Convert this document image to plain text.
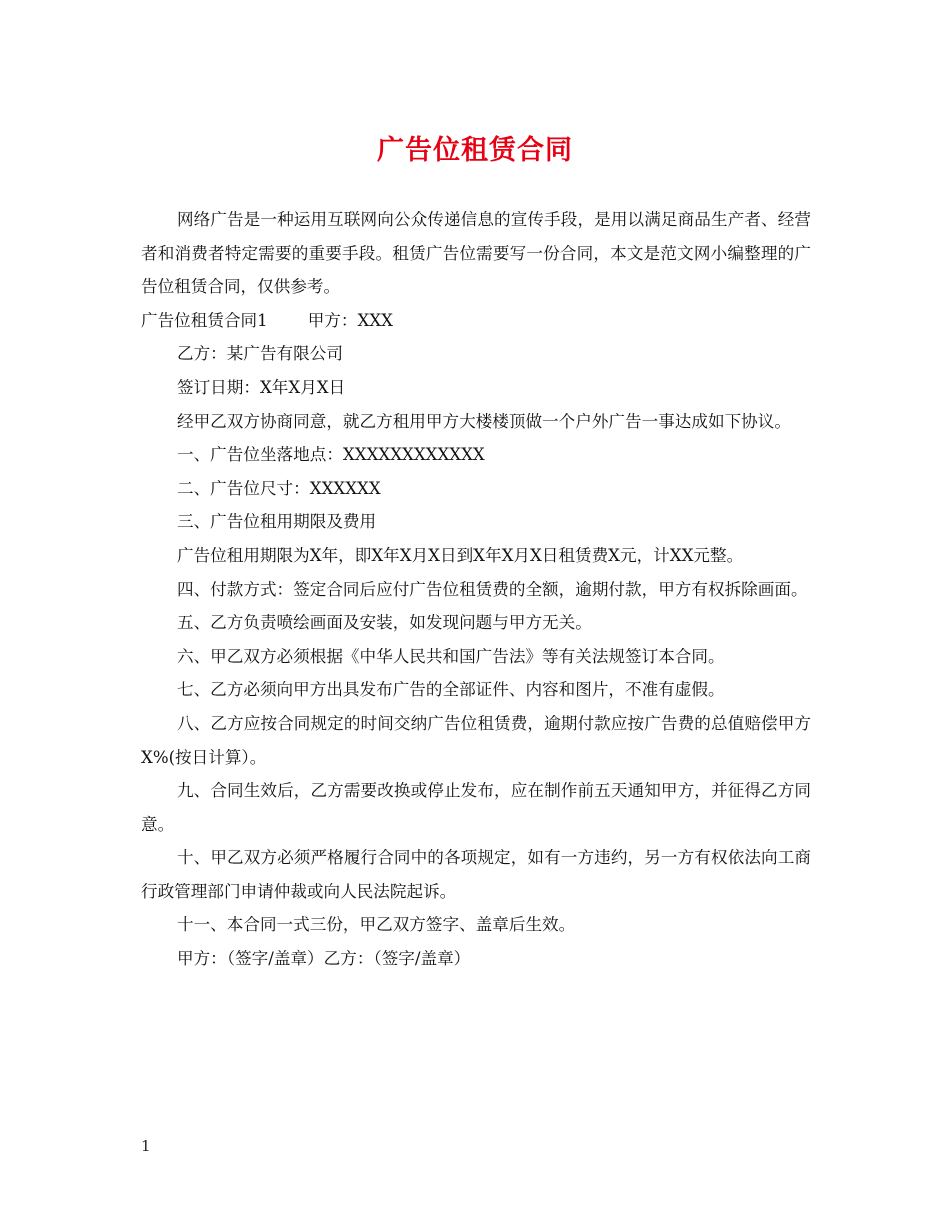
广告位租赁合同

网络广告是一种运用互联网向公众传递信息的宣传手段，是用以满足商品生产者、经营者和消费者特定需要的重要手段。租赁广告位需要写一份合同，本文是范文网小编整理的广告位租赁合同，仅供参考。

广告位租赁合同1 甲方：XXX

乙方：某广告有限公司

签订日期：X年X月X日

经甲乙双方协商同意，就乙方租用甲方大楼楼顶做一个户外广告一事达成如下协议。

一、广告位坐落地点：XXXXXXXXXXXX

二、广告位尺寸：XXXXXX

三、广告位租用期限及费用

广告位租用期限为X年，即X年X月X日到X年X月X日租赁费X元，计XX元整。

四、付款方式：签定合同后应付广告位租赁费的全额，逾期付款，甲方有权拆除画面。

五、乙方负责喷绘画面及安装，如发现问题与甲方无关。

六、甲乙双方必须根据《中华人民共和国广告法》等有关法规签订本合同。

七、乙方必须向甲方出具发布广告的全部证件、内容和图片，不准有虚假。

八、乙方应按合同规定的时间交纳广告位租赁费，逾期付款应按广告费的总值赔偿甲方 X%(按日计算）。

九、合同生效后，乙方需要改换或停止发布，应在制作前五天通知甲方，并征得乙方同意。

十、甲乙双方必须严格履行合同中的各项规定，如有一方违约，另一方有权依法向工商行政管理部门申请仲裁或向人民法院起诉。

十一、本合同一式三份，甲乙双方签字、盖章后生效。

甲方：（签字/盖章）乙方：（签字/盖章）

1
